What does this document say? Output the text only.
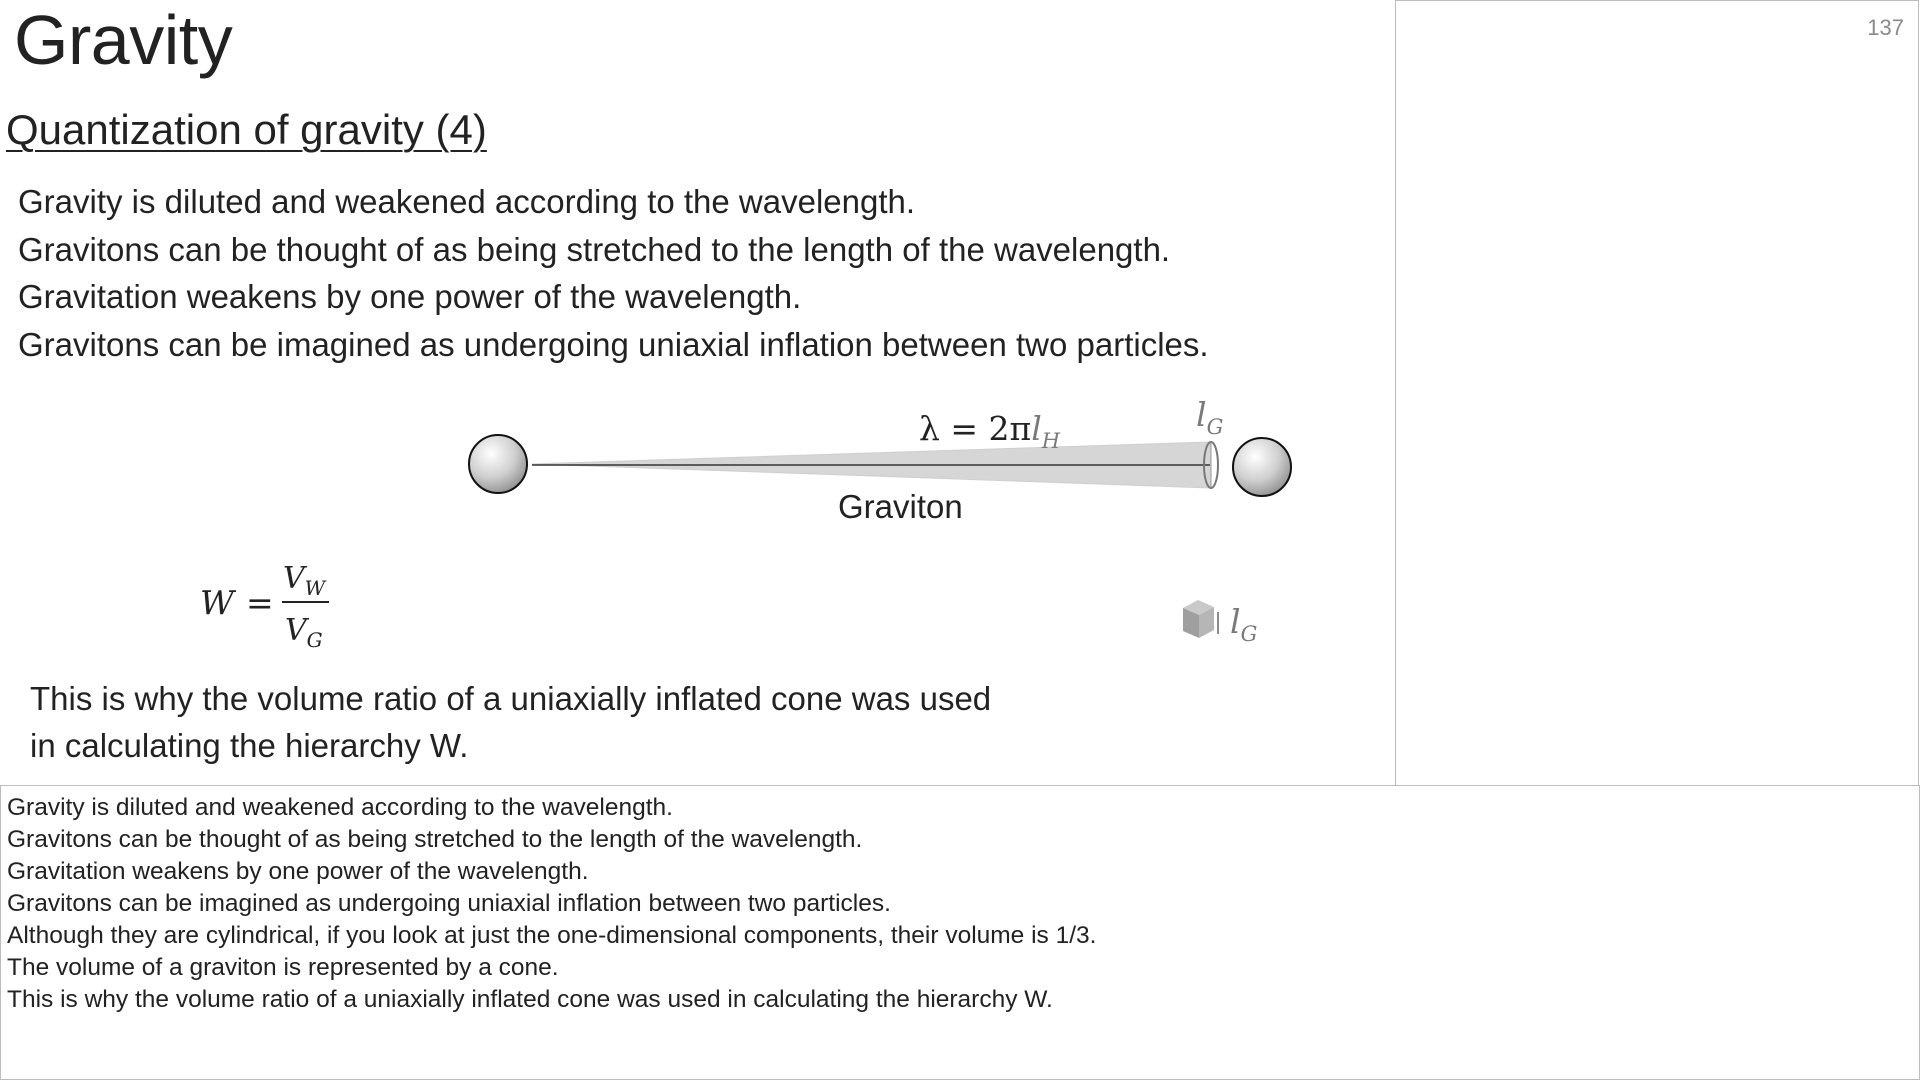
Gravity
Quantization of gravity (4)
Gravity is diluted and weakened according to the wavelength.
Gravitons can be thought of as being stretched to the length of the wavelength.
Gravitation weakens by one power of the wavelength.
Gravitons can be imagined as undergoing uniaxial inflation between two particles.
$\lambda = 2\pi l_H$
$l_G$
$l_G$
W =
$V_W$
$V_G$
Graviton
This is why the volume ratio of a uniaxially inflated cone was used
in calculating the hierarchy W.
137
Gravity is diluted and weakened according to the wavelength.
Gravitons can be thought of as being stretched to the length of the wavelength.
Gravitation weakens by one power of the wavelength.
Gravitons can be imagined as undergoing uniaxial inflation between two particles.
Although they are cylindrical, if you look at just the one-dimensional components, their volume is 1/3.
The volume of a graviton is represented by a cone.
This is why the volume ratio of a uniaxially inflated cone was used in calculating the hierarchy W.
